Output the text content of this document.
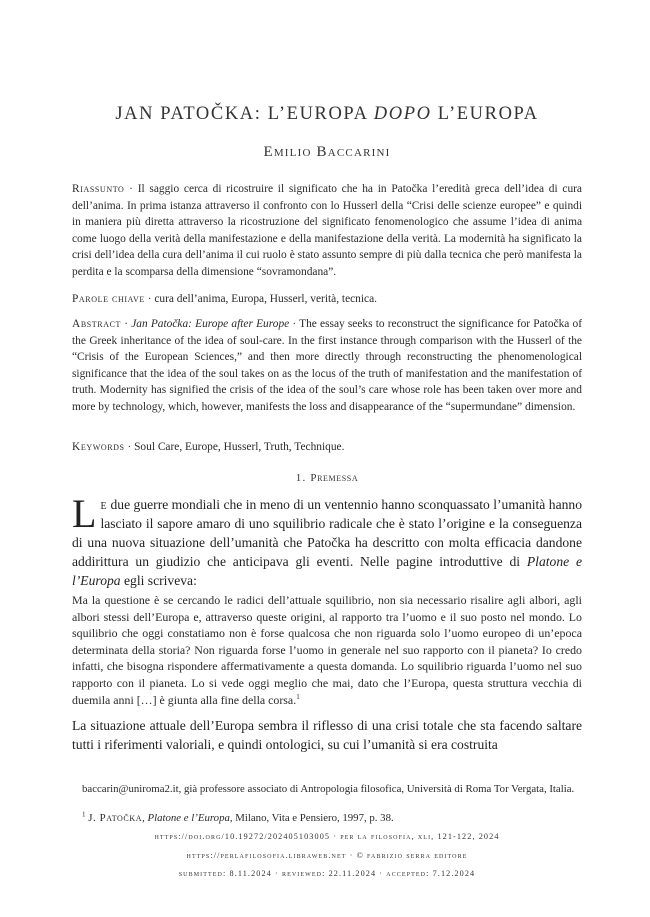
JAN PATOČKA: L’EUROPA DOPO L’EUROPA
Emilio Baccarini
Riassunto · Il saggio cerca di ricostruire il significato che ha in Patočka l’eredità greca dell’idea di cura dell’anima. In prima istanza attraverso il confronto con lo Husserl della “Crisi delle scienze europee” e quindi in maniera più diretta attraverso la ricostruzione del significato fenomenologico che assume l’idea di anima come luogo della verità della manifestazione e della manifestazione della verità. La modernità ha significato la crisi dell’idea della cura dell’anima il cui ruolo è stato assunto sempre di più dalla tecnica che però manifesta la perdita e la scomparsa della dimensione “sovramondana”.
Parole chiave · cura dell’anima, Europa, Husserl, verità, tecnica.
Abstract · Jan Patočka: Europe after Europe · The essay seeks to reconstruct the significance for Patočka of the Greek inheritance of the idea of soul-care. In the first instance through comparison with the Husserl of the “Crisis of the European Sciences,” and then more directly through reconstructing the phenomenological significance that the idea of the soul takes on as the locus of the truth of manifestation and the manifestation of truth. Modernity has signified the crisis of the idea of the soul’s care whose role has been taken over more and more by technology, which, however, manifests the loss and disappearance of the “supermundane” dimension.
Keywords · Soul Care, Europe, Husserl, Truth, Technique.
1. Premessa
Le due guerre mondiali che in meno di un ventennio hanno sconquassato l’umanità hanno lasciato il sapore amaro di uno squilibrio radicale che è stato l’origine e la conseguenza di una nuova situazione dell’umanità che Patočka ha descritto con molta efficacia dandone addirittura un giudizio che anticipava gli eventi. Nelle pagine introduttive di Platone e l’Europa egli scriveva:
Ma la questione è se cercando le radici dell’attuale squilibrio, non sia necessario risalire agli albori, agli albori stessi dell’Europa e, attraverso queste origini, al rapporto tra l’uomo e il suo posto nel mondo. Lo squilibrio che oggi constatiamo non è forse qualcosa che non riguarda solo l’uomo europeo di un’epoca determinata della storia? Non riguarda forse l’uomo in generale nel suo rapporto con il pianeta? Io credo infatti, che bisogna rispondere affermativamente a questa domanda. Lo squilibrio riguarda l’uomo nel suo rapporto con il pianeta. Lo si vede oggi meglio che mai, dato che l’Europa, questa struttura vecchia di duemila anni […] è giunta alla fine della corsa.$^1$
La situazione attuale dell’Europa sembra il riflesso di una crisi totale che sta facendo saltare tutti i riferimenti valoriali, e quindi ontologici, su cui l’umanità si era costruita
baccarin@uniroma2.it, già professore associato di Antropologia filosofica, Università di Roma Tor Vergata, Italia.
$^1$ J. Patočka, Platone e l’Europa, Milano, Vita e Pensiero, 1997, p. 38.
https://doi.org/10.19272/202405103005 · per la filosofia, xli, 121-122, 2024
https://perlafilosofia.libraweb.net · © fabrizio serra editore
submitted: 8.11.2024 · reviewed: 22.11.2024 · accepted: 7.12.2024
